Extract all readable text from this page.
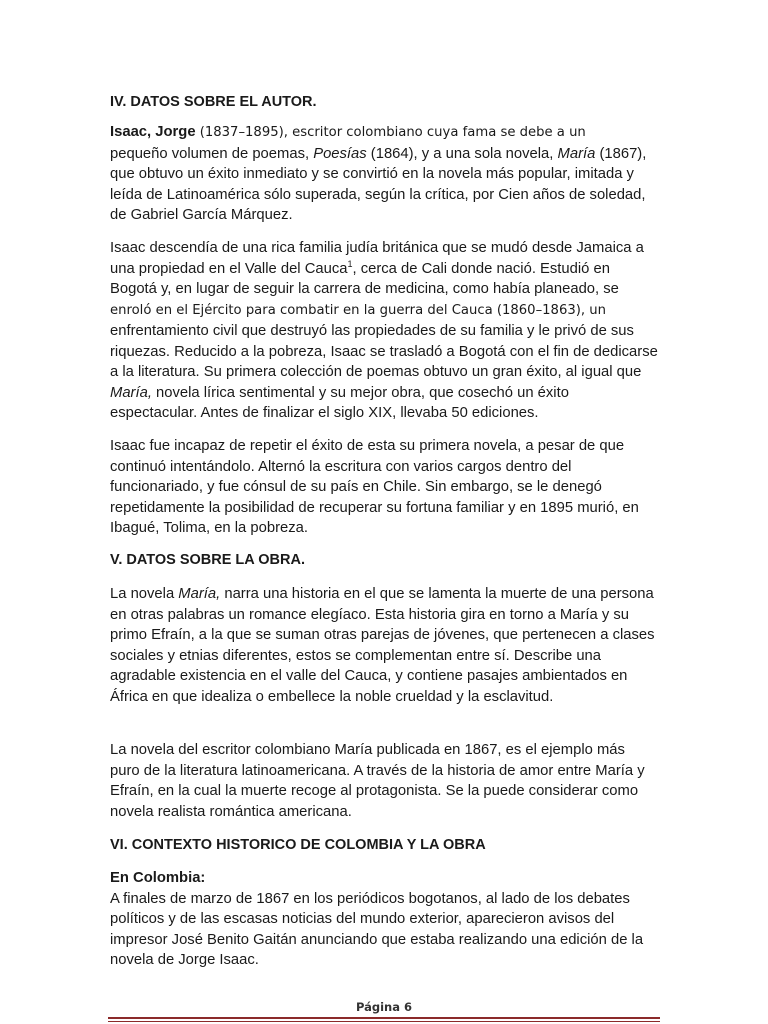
IV. DATOS SOBRE EL AUTOR.

Isaac, Jorge (1837–1895), escritor colombiano cuya fama se debe a un
pequeño volumen de poemas, Poesías (1864), y a una sola novela, María (1867), que obtuvo un éxito inmediato y se convirtió en la novela más popular, imitada y leída de Latinoamérica sólo superada, según la crítica, por Cien años de soledad, de Gabriel García Márquez.

Isaac descendía de una rica familia judía británica que se mudó desde Jamaica a una propiedad en el Valle del Cauca$^1$, cerca de Cali donde nació. Estudió en Bogotá y, en lugar de seguir la carrera de medicina, como había planeado, se enroló en el Ejército para combatir en la guerra del Cauca (1860–1863), un enfrentamiento civil que destruyó las propiedades de su familia y le privó de sus riquezas. Reducido a la pobreza, Isaac se trasladó a Bogotá con el fin de dedicarse a la literatura. Su primera colección de poemas obtuvo un gran éxito, al igual que María, novela lírica sentimental y su mejor obra, que cosechó un éxito espectacular. Antes de finalizar el siglo XIX, llevaba 50 ediciones.

Isaac fue incapaz de repetir el éxito de esta su primera novela, a pesar de que continuó intentándolo. Alternó la escritura con varios cargos dentro del funcionariado, y fue cónsul de su país en Chile. Sin embargo, se le denegó repetidamente la posibilidad de recuperar su fortuna familiar y en 1895 murió, en Ibagué, Tolima, en la pobreza.

V. DATOS SOBRE LA OBRA.

La novela María, narra una historia en el que se lamenta la muerte de una persona en otras palabras un romance elegíaco. Esta historia gira en torno a María y su primo Efraín, a la que se suman otras parejas de jóvenes, que pertenecen a clases sociales y etnias diferentes, estos se complementan entre sí. Describe una agradable existencia en el valle del Cauca, y contiene pasajes ambientados en África en que idealiza o embellece la noble crueldad y la esclavitud.

La novela del escritor colombiano María publicada en 1867, es el ejemplo más puro de la literatura latinoamericana. A través de la historia de amor entre María y Efraín, en la cual la muerte recoge al protagonista. Se la puede considerar como novela realista romántica americana.

VI. CONTEXTO HISTORICO DE COLOMBIA Y LA OBRA

En Colombia:
A finales de marzo de 1867 en los periódicos bogotanos, al lado de los debates políticos y de las escasas noticias del mundo exterior, aparecieron avisos del impresor José Benito Gaitán anunciando que estaba realizando una edición de la novela de Jorge Isaac.

Página 6
